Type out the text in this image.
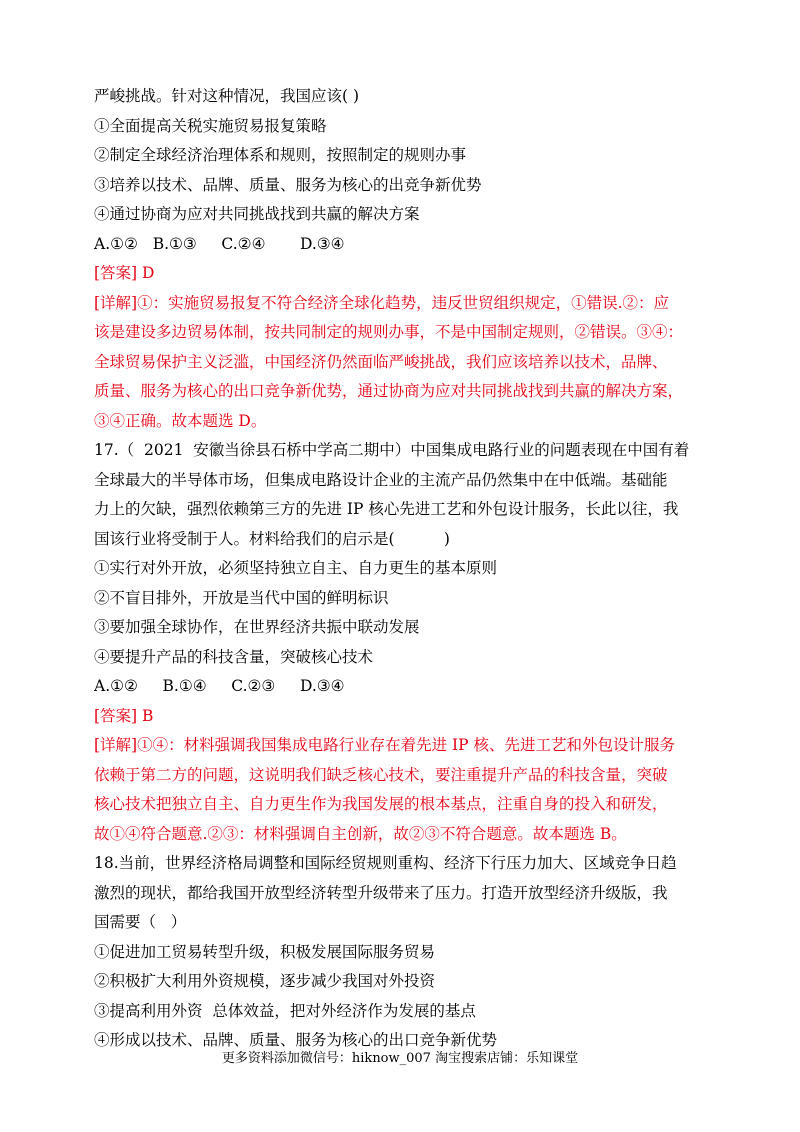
严峻挑战。针对这种情况，我国应该( )
①全面提高关税实施贸易报复策略
②制定全球经济治理体系和规则，按照制定的规则办事
③培养以技术、品牌、质量、服务为核心的出竞争新优势
④通过协商为应对共同挑战找到共赢的解决方案
A.①②   B.①③     C.②④       D.③④
[答案] D
[详解]①：实施贸易报复不符合经济全球化趋势，违反世贸组织规定，①错误.②：应
该是建设多边贸易体制，按共同制定的规则办事，不是中国制定规则，②错误。③④：
全球贸易保护主义泛滥，中国经济仍然面临严峻挑战，我们应该培养以技术，品牌、
质量、服务为核心的出口竞争新优势，通过协商为应对共同挑战找到共赢的解决方案，
③④正确。故本题选 D。
17.（  2021  安徽当徐县石桥中学高二期中）中国集成电路行业的问题表现在中国有着
全球最大的半导体市场，但集成电路设计企业的主流产品仍然集中在中低端。基础能
力上的欠缺，强烈依赖第三方的先进 IP 核心先进工艺和外包设计服务，长此以往，我
国该行业将受制于人。材料给我们的启示是(          )
①实行对外开放，必须坚持独立自主、自力更生的基本原则
②不盲目排外，开放是当代中国的鲜明标识
③要加强全球协作，在世界经济共振中联动发展
④要提升产品的科技含量，突破核心技术
A.①②     B.①④     C.②③     D.③④
[答案] B
[详解]①④：材料强调我国集成电路行业存在着先进 IP 核、先进工艺和外包设计服务
依赖于第二方的问题，这说明我们缺乏核心技术，要注重提升产品的科技含量，突破
核心技术把独立自主、自力更生作为我国发展的根本基点，注重自身的投入和研发，
故①④符合题意.②③：材料强调自主创新，故②③不符合题意。故本题选 B。
18.当前，世界经济格局调整和国际经贸规则重构、经济下行压力加大、区域竞争日趋
激烈的现状，都给我国开放型经济转型升级带来了压力。打造开放型经济升级版，我
国需要（   ）
①促进加工贸易转型升级，积极发展国际服务贸易
②积极扩大利用外资规模，逐步减少我国对外投资
③提高利用外资  总体效益，把对外经济作为发展的基点
④形成以技术、品牌、质量、服务为核心的出口竞争新优势
更多资料添加微信号：hiknow_007 淘宝搜索店铺：乐知课堂
